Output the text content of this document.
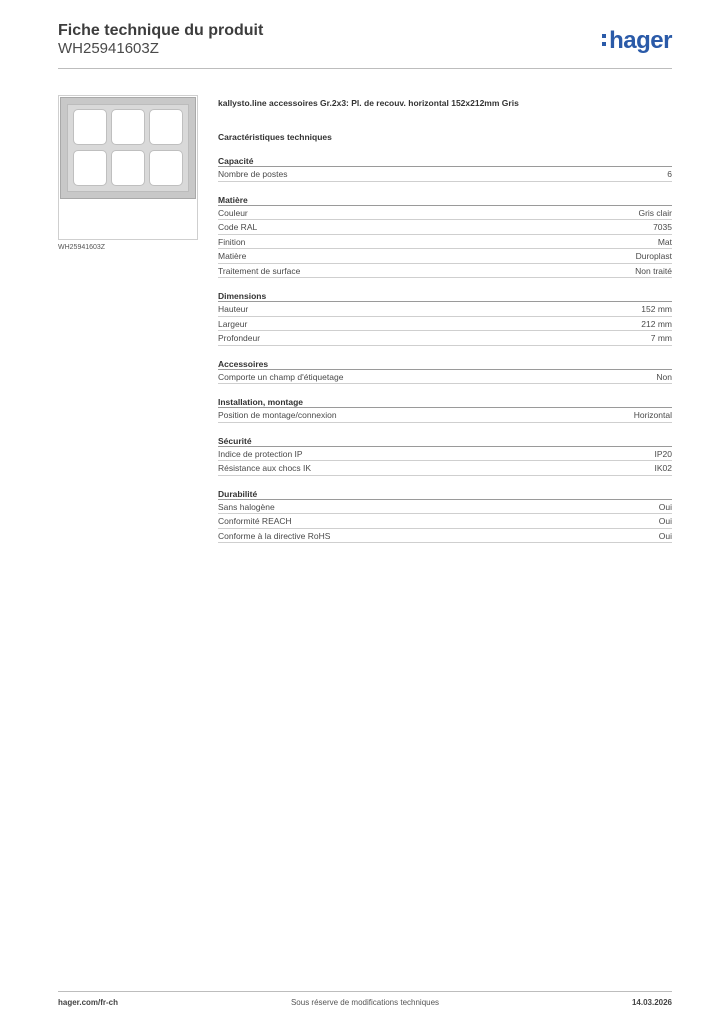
Fiche technique du produit
WH25941603Z	hager
WH25941603Z
kallysto.line accessoires Gr.2x3: Pl. de recouv. horizontal 152x212mm Gris
Caractéristiques techniques
Capacité
Nombre de postes	6
Matière
Couleur	Gris clair
Code RAL	7035
Finition	Mat
Matière	Duroplast
Traitement de surface	Non traité
Dimensions
Hauteur	152 mm
Largeur	212 mm
Profondeur	7 mm
Accessoires
Comporte un champ d'étiquetage	Non
Installation, montage
Position de montage/connexion	Horizontal
Sécurité
Indice de protection IP	IP20
Résistance aux chocs IK	IK02
Durabilité
Sans halogène	Oui
Conformité REACH	Oui
Conforme à la directive RoHS	Oui
hager.com/fr-ch	Sous réserve de modifications techniques	14.03.2026
